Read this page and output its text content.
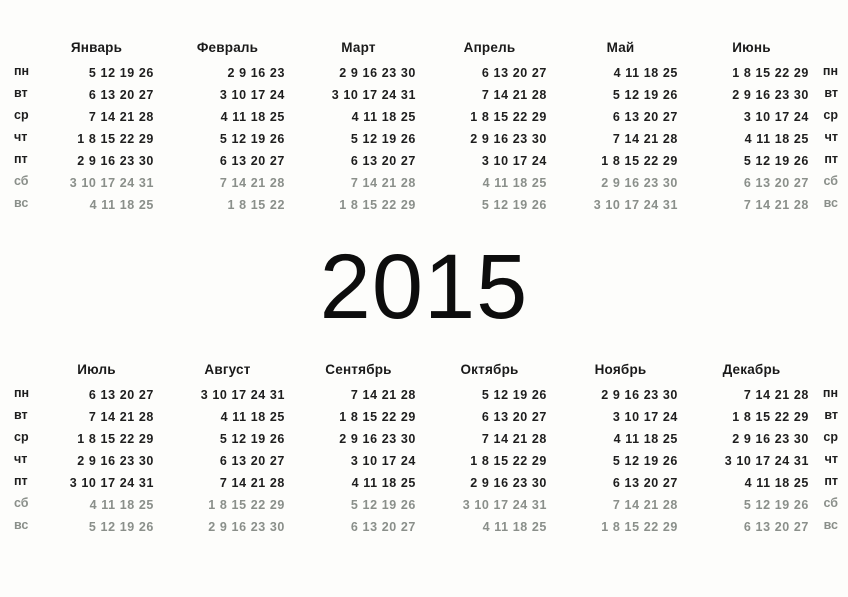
пн
вт
ср
чт
пт
сб
вс
Январь
5 12 19 26
6 13 20 27
7 14 21 28
1 8 15 22 29
2 9 16 23 30
3 10 17 24 31
4 11 18 25
Февраль
2 9 16 23
3 10 17 24
4 11 18 25
5 12 19 26
6 13 20 27
7 14 21 28
1 8 15 22
Март
2 9 16 23 30
3 10 17 24 31
4 11 18 25
5 12 19 26
6 13 20 27
7 14 21 28
1 8 15 22 29
Апрель
6 13 20 27
7 14 21 28
1 8 15 22 29
2 9 16 23 30
3 10 17 24
4 11 18 25
5 12 19 26
Май
4 11 18 25
5 12 19 26
6 13 20 27
7 14 21 28
1 8 15 22 29
2 9 16 23 30
3 10 17 24 31
Июнь
1 8 15 22 29
2 9 16 23 30
3 10 17 24
4 11 18 25
5 12 19 26
6 13 20 27
7 14 21 28
пн
вт
ср
чт
пт
сб
вс
2015
пн
вт
ср
чт
пт
сб
вс
Июль
6 13 20 27
7 14 21 28
1 8 15 22 29
2 9 16 23 30
3 10 17 24 31
4 11 18 25
5 12 19 26
Август
3 10 17 24 31
4 11 18 25
5 12 19 26
6 13 20 27
7 14 21 28
1 8 15 22 29
2 9 16 23 30
Сентябрь
7 14 21 28
1 8 15 22 29
2 9 16 23 30
3 10 17 24
4 11 18 25
5 12 19 26
6 13 20 27
Октябрь
5 12 19 26
6 13 20 27
7 14 21 28
1 8 15 22 29
2 9 16 23 30
3 10 17 24 31
4 11 18 25
Ноябрь
2 9 16 23 30
3 10 17 24
4 11 18 25
5 12 19 26
6 13 20 27
7 14 21 28
1 8 15 22 29
Декабрь
7 14 21 28
1 8 15 22 29
2 9 16 23 30
3 10 17 24 31
4 11 18 25
5 12 19 26
6 13 20 27
пн
вт
ср
чт
пт
сб
вс
